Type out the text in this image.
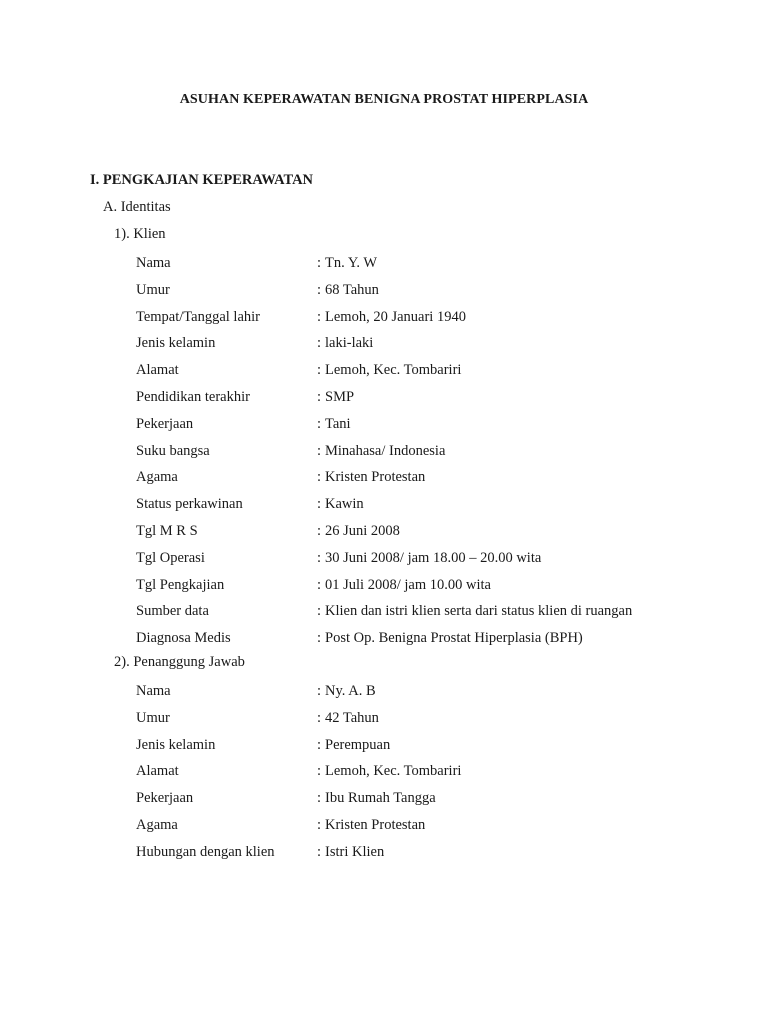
ASUHAN KEPERAWATAN BENIGNA PROSTAT HIPERPLASIA
I. PENGKAJIAN KEPERAWATAN
A. Identitas
1). Klien
Nama	: Tn. Y. W
Umur	: 68 Tahun
Tempat/Tanggal lahir	: Lemoh, 20 Januari 1940
Jenis kelamin	: laki-laki
Alamat	: Lemoh, Kec. Tombariri
Pendidikan terakhir	: SMP
Pekerjaan	: Tani
Suku bangsa	: Minahasa/ Indonesia
Agama	: Kristen Protestan
Status perkawinan	: Kawin
Tgl M R S	: 26 Juni 2008
Tgl Operasi	: 30 Juni 2008/ jam 18.00 – 20.00 wita
Tgl Pengkajian	: 01 Juli 2008/ jam 10.00 wita
Sumber data	: Klien dan istri klien serta dari status klien di ruangan
Diagnosa Medis	: Post Op. Benigna Prostat Hiperplasia (BPH)
2). Penanggung Jawab
Nama	: Ny. A. B
Umur	: 42 Tahun
Jenis kelamin	: Perempuan
Alamat	: Lemoh, Kec. Tombariri
Pekerjaan	: Ibu Rumah Tangga
Agama	: Kristen Protestan
Hubungan dengan klien	: Istri Klien
